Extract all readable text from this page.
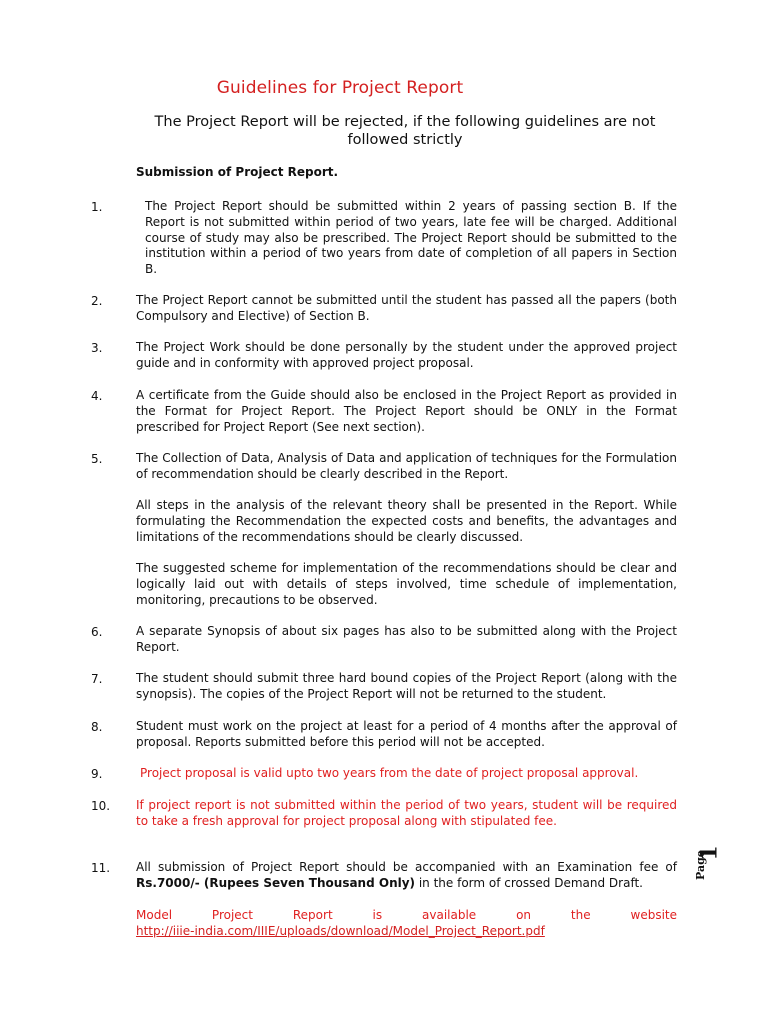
Guidelines for Project Report
The Project Report will be rejected, if the following guidelines are not followed strictly
Submission of Project Report.
1.	The Project Report should be submitted within 2 years of passing section B. If the Report is not submitted within period of two years, late fee will be charged. Additional course of study may also be prescribed. The Project Report should be submitted to the institution within a period of two years from date of completion of all papers in Section B.
2.	The Project Report cannot be submitted until the student has passed all the papers (both Compulsory and Elective) of Section B.
3.	The Project Work should be done personally by the student under the approved project guide and in conformity with approved project proposal.
4.	A certificate from the Guide should also be enclosed in the Project Report as provided in the Format for Project Report. The Project Report should be ONLY in the Format prescribed for Project Report (See next section).
5.	The Collection of Data, Analysis of Data and application of techniques for the Formulation of recommendation should be clearly described in the Report.
All steps in the analysis of the relevant theory shall be presented in the Report. While formulating the Recommendation the expected costs and benefits, the advantages and limitations of the recommendations should be clearly discussed.
The suggested scheme for implementation of the recommendations should be clear and logically laid out with details of steps involved, time schedule of implementation, monitoring, precautions to be observed.
6.	A separate Synopsis of about six pages has also to be submitted along with the Project Report.
7.	The student should submit three hard bound copies of the Project Report (along with the synopsis). The copies of the Project Report will not be returned to the student.
8.	Student must work on the project at least for a period of 4 months after the approval of proposal. Reports submitted before this period will not be accepted.
9.	Project proposal is valid upto two years from the date of project proposal approval.
10. If project report is not submitted within the period of two years, student will be required to take a fresh approval for project proposal along with stipulated fee.
11. All submission of Project Report should be accompanied with an Examination fee of Rs.7000/- (Rupees Seven Thousand Only) in the form of crossed Demand Draft.
Model Project Report is available on the website
http://iiie-india.com/IIIE/uploads/download/Model_Project_Report.pdf
Page
1
